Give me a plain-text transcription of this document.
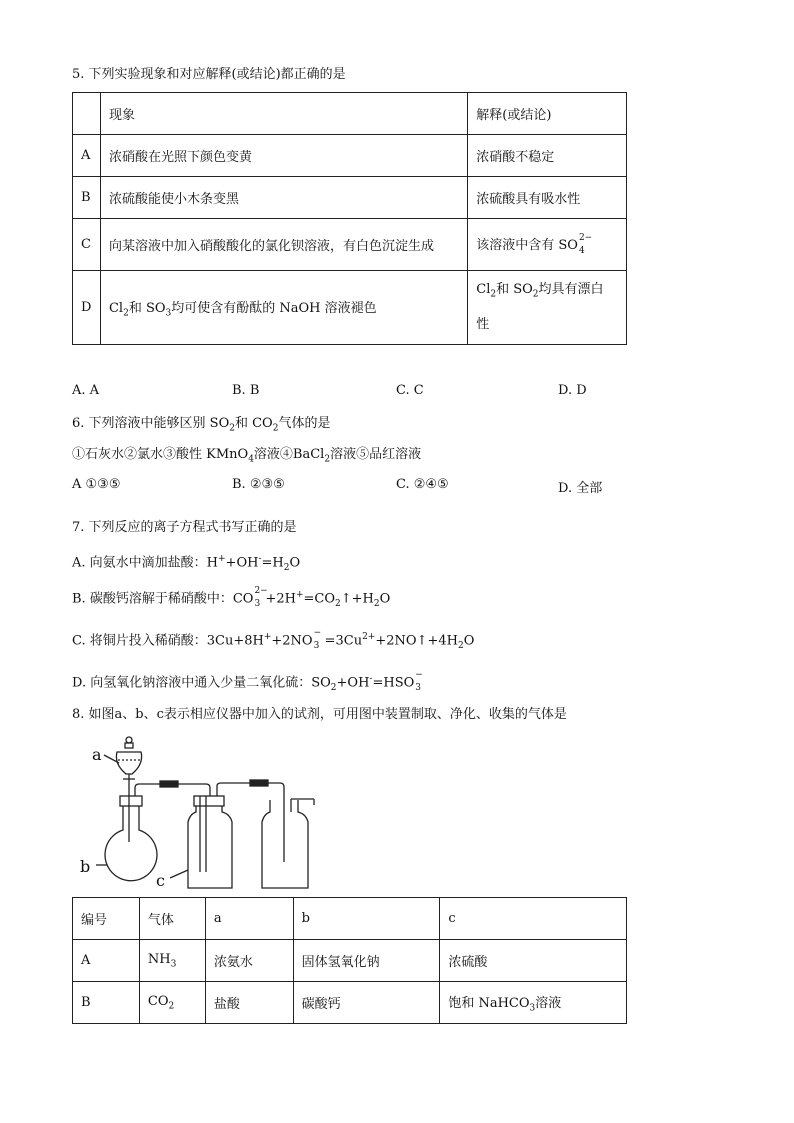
5. 下列实验现象和对应解释(或结论)都正确的是
	现象	解释(或结论)
A	浓硝酸在光照下颜色变黄	浓硝酸不稳定
B	浓硫酸能使小木条变黑	浓硫酸具有吸水性
C	向某溶液中加入硝酸酸化的氯化钡溶液，有白色沉淀生成	该溶液中含有 SO
2−
4

D	$Cl_2$和 $SO_3$均可使含有酚酞的 NaOH 溶液褪色	$Cl_2$和 $SO_2$均具有漂白
性
A. A	B. B	C. C	D. D
6. 下列溶液中能够区别 $SO_2$和 $CO_2$气体的是
①石灰水②氯水③酸性 KMnO$_4$溶液④BaCl$_2$溶液⑤品红溶液
A ①③⑤	B. ②③⑤	C. ②④⑤	D. 全部
7. 下列反应的离子方程式书写正确的是
A. 向氨水中滴加盐酸：$H^++OH^-=H_2O$
B. 碳酸钙溶解于稀硝酸中：CO
2−
$3 +2H^+=CO_2↑+H_2O$
C. 将铜片投入稀硝酸：3Cu+8H++2NO
−
$3 =3Cu^{2+}+2NO↑+4H_2O$
D. 向氢氧化钠溶液中通入少量二氧化硫：$SO_2+OH^-=HSO$
−
3
8. 如图a、b、c表示相应仪器中加入的试剂，可用图中装置制取、净化、收集的气体是
a
b
c
编号	气体	a	b	c
A	$NH_3$	浓氨水	固体氢氧化钠	浓硫酸
B	$CO_2$	盐酸	碳酸钙	饱和 NaHCO$_3$溶液
